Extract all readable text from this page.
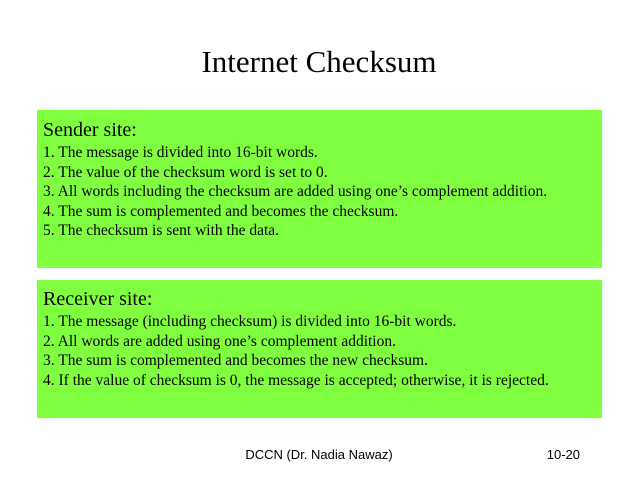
Internet Checksum
Sender site:
1. The message is divided into 16-bit words.
2. The value of the checksum word is set to 0.
3. All words including the checksum are added using one’s complement addition.
4. The sum is complemented and becomes the checksum.
5. The checksum is sent with the data.
Receiver site:
1. The message (including checksum) is divided into 16-bit words.
2. All words are added using one’s complement addition.
3. The sum is complemented and becomes the new checksum.
4. If the value of checksum is 0, the message is accepted; otherwise, it is rejected.
DCCN (Dr. Nadia Nawaz)	10-20
